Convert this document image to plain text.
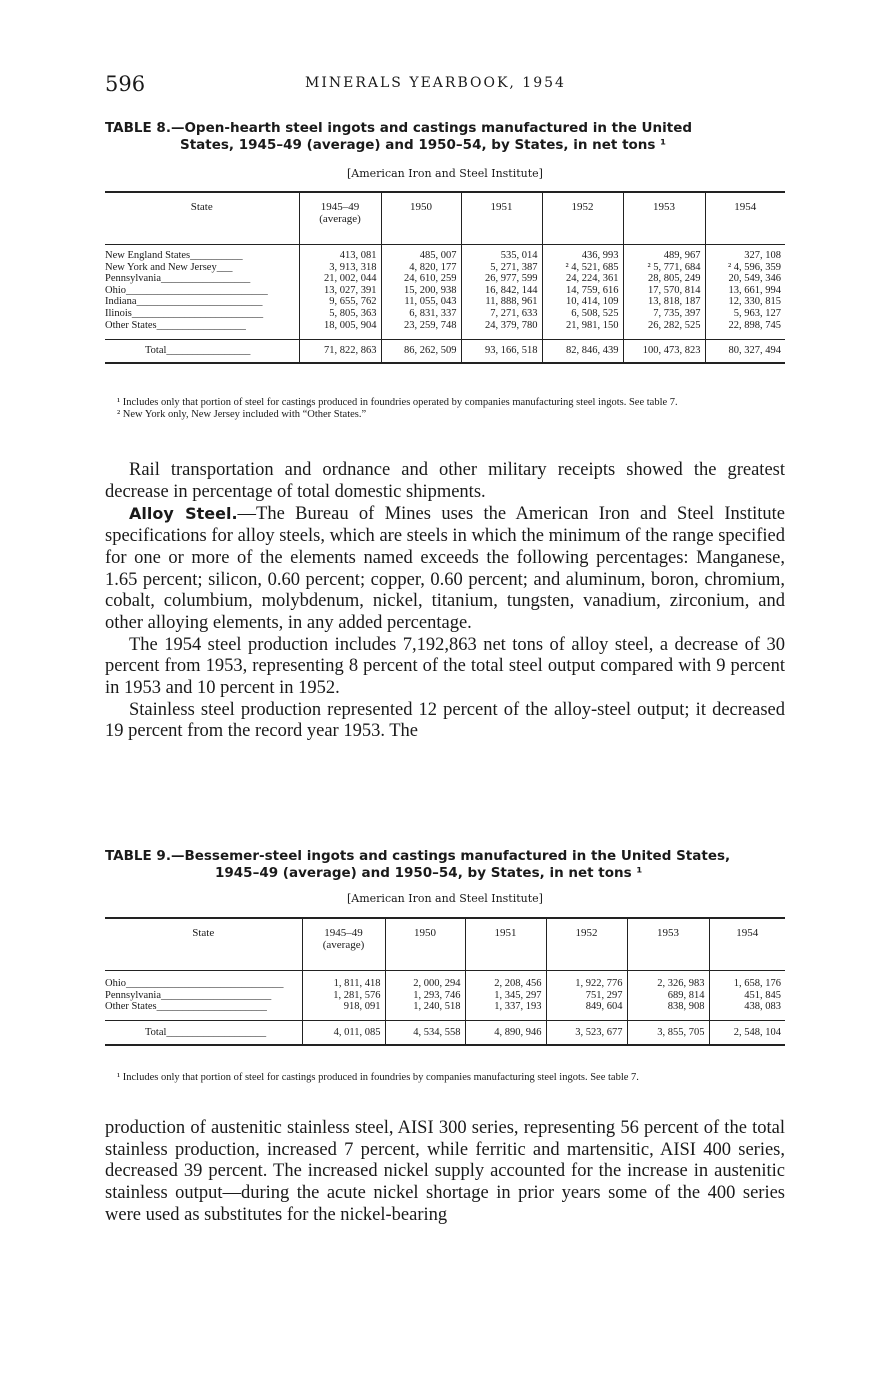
596	MINERALS YEARBOOK, 1954
TABLE 8.—Open-hearth steel ingots and castings manufactured in the United
States, 1945–49 (average) and 1950–54, by States, in net tons ¹
[American Iron and Steel Institute]
State	1945–49 (average)	1950	1951	1952	1953	1954

New England States__________	413, 081	485, 007	535, 014	436, 993	489, 967	327, 108
New York and New Jersey___	3, 913, 318	4, 820, 177	5, 271, 387	² 4, 521, 685	² 5, 771, 684	² 4, 596, 359
Pennsylvania_________________	21, 002, 044	24, 610, 259	26, 977, 599	24, 224, 361	28, 805, 249	20, 549, 346
Ohio___________________________	13, 027, 391	15, 200, 938	16, 842, 144	14, 759, 616	17, 570, 814	13, 661, 994
Indiana________________________	9, 655, 762	11, 055, 043	11, 888, 961	10, 414, 109	13, 818, 187	12, 330, 815
Ilinois_________________________	5, 805, 363	6, 831, 337	7, 271, 633	6, 508, 525	7, 735, 397	5, 963, 127
Other States_________________	18, 005, 904	23, 259, 748	24, 379, 780	21, 981, 150	26, 282, 525	22, 898, 745

Total________________	71, 822, 863	86, 262, 509	93, 166, 518	82, 846, 439	100, 473, 823	80, 327, 494

¹ Includes only that portion of steel for castings produced in foundries operated by companies manufacturing steel ingots. See table 7.

² New York only, New Jersey included with “Other States.”

Rail transportation and ordnance and other military receipts showed the greatest decrease in percentage of total domestic shipments.

Alloy Steel.—The Bureau of Mines uses the American Iron and Steel Institute specifications for alloy steels, which are steels in which the minimum of the range specified for one or more of the elements named exceeds the following percentages: Manganese, 1.65 percent; silicon, 0.60 percent; copper, 0.60 percent; and aluminum, boron, chromium, cobalt, columbium, molybdenum, nickel, titanium, tungsten, vanadium, zirconium, and other alloying elements, in any added percentage.

The 1954 steel production includes 7,192,863 net tons of alloy steel, a decrease of 30 percent from 1953, representing 8 percent of the total steel output compared with 9 percent in 1953 and 10 percent in 1952.

Stainless steel production represented 12 percent of the alloy-steel output; it decreased 19 percent from the record year 1953. The

TABLE 9.—Bessemer-steel ingots and castings manufactured in the United States,
1945–49 (average) and 1950–54, by States, in net tons ¹
[American Iron and Steel Institute]
State	1945–49 (average)	1950	1951	1952	1953	1954

Ohio______________________________	1, 811, 418	2, 000, 294	2, 208, 456	1, 922, 776	2, 326, 983	1, 658, 176
Pennsylvania_____________________	1, 281, 576	1, 293, 746	1, 345, 297	751, 297	689, 814	451, 845
Other States_____________________	918, 091	1, 240, 518	1, 337, 193	849, 604	838, 908	438, 083

Total___________________	4, 011, 085	4, 534, 558	4, 890, 946	3, 523, 677	3, 855, 705	2, 548, 104

¹ Includes only that portion of steel for castings produced in foundries by companies manufacturing steel ingots. See table 7.

production of austenitic stainless steel, AISI 300 series, representing 56 percent of the total stainless production, increased 7 percent, while ferritic and martensitic, AISI 400 series, decreased 39 percent. The increased nickel supply accounted for the increase in austenitic stainless output—during the acute nickel shortage in prior years some of the 400 series were used as substitutes for the nickel-bearing
